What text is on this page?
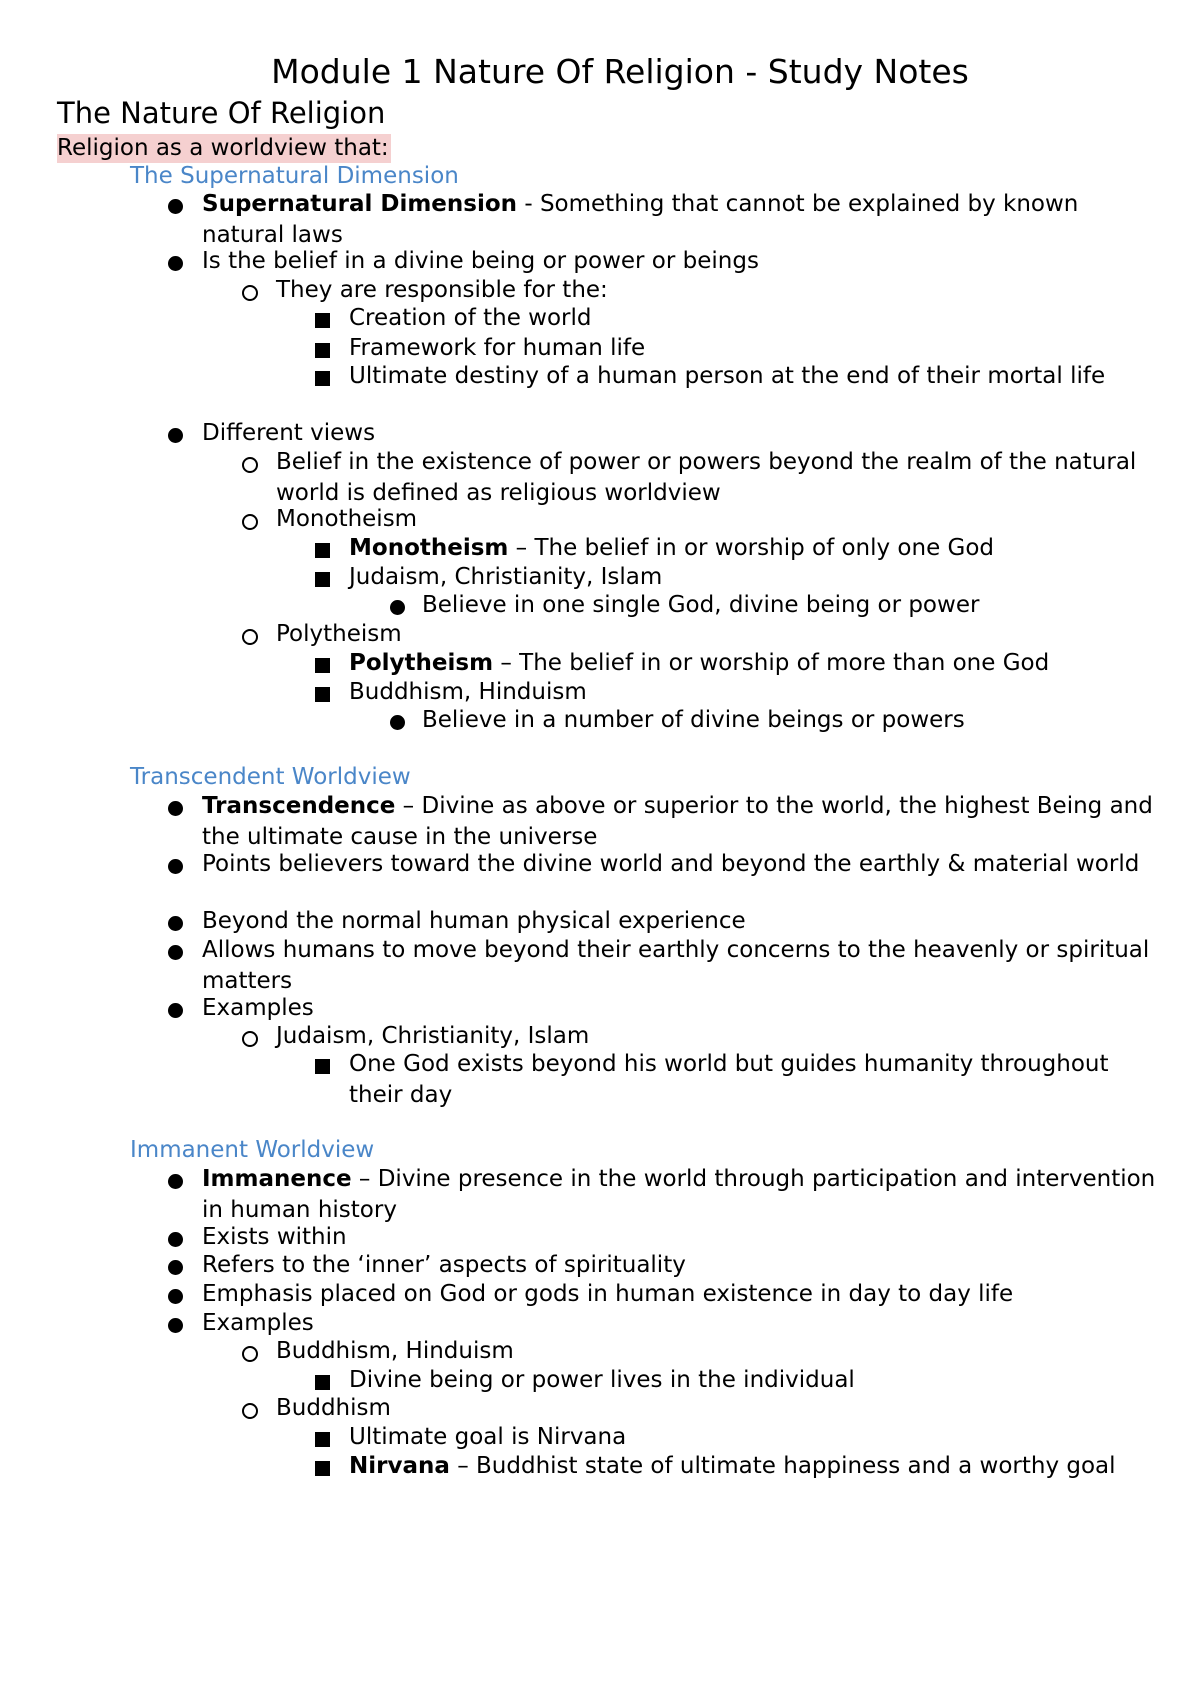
Module 1 Nature Of Religion - Study Notes
The Nature Of Religion
Religion as a worldview that:
The Supernatural Dimension

Supernatural Dimension - Something that cannot be explained by known natural laws

Is the belief in a divine being or power or beings

They are responsible for the:

Creation of the world

Framework for human life

Ultimate destiny of a human person at the end of their mortal life

Different views

Belief in the existence of power or powers beyond the realm of the natural world is defined as religious worldview

Monotheism

Monotheism – The belief in or worship of only one God

Judaism, Christianity, Islam

Believe in one single God, divine being or power

Polytheism

Polytheism – The belief in or worship of more than one God

Buddhism, Hinduism

Believe in a number of divine beings or powers

Transcendent Worldview

Transcendence – Divine as above or superior to the world, the highest Being and the ultimate cause in the universe

Points believers toward the divine world and beyond the earthly & material world

Beyond the normal human physical experience

Allows humans to move beyond their earthly concerns to the heavenly or spiritual matters

Examples

Judaism, Christianity, Islam

One God exists beyond his world but guides humanity throughout their day

Immanent Worldview

Immanence – Divine presence in the world through participation and intervention in human history

Exists within

Refers to the ‘inner’ aspects of spirituality

Emphasis placed on God or gods in human existence in day to day life

Examples

Buddhism, Hinduism

Divine being or power lives in the individual

Buddhism

Ultimate goal is Nirvana

Nirvana – Buddhist state of ultimate happiness and a worthy goal
